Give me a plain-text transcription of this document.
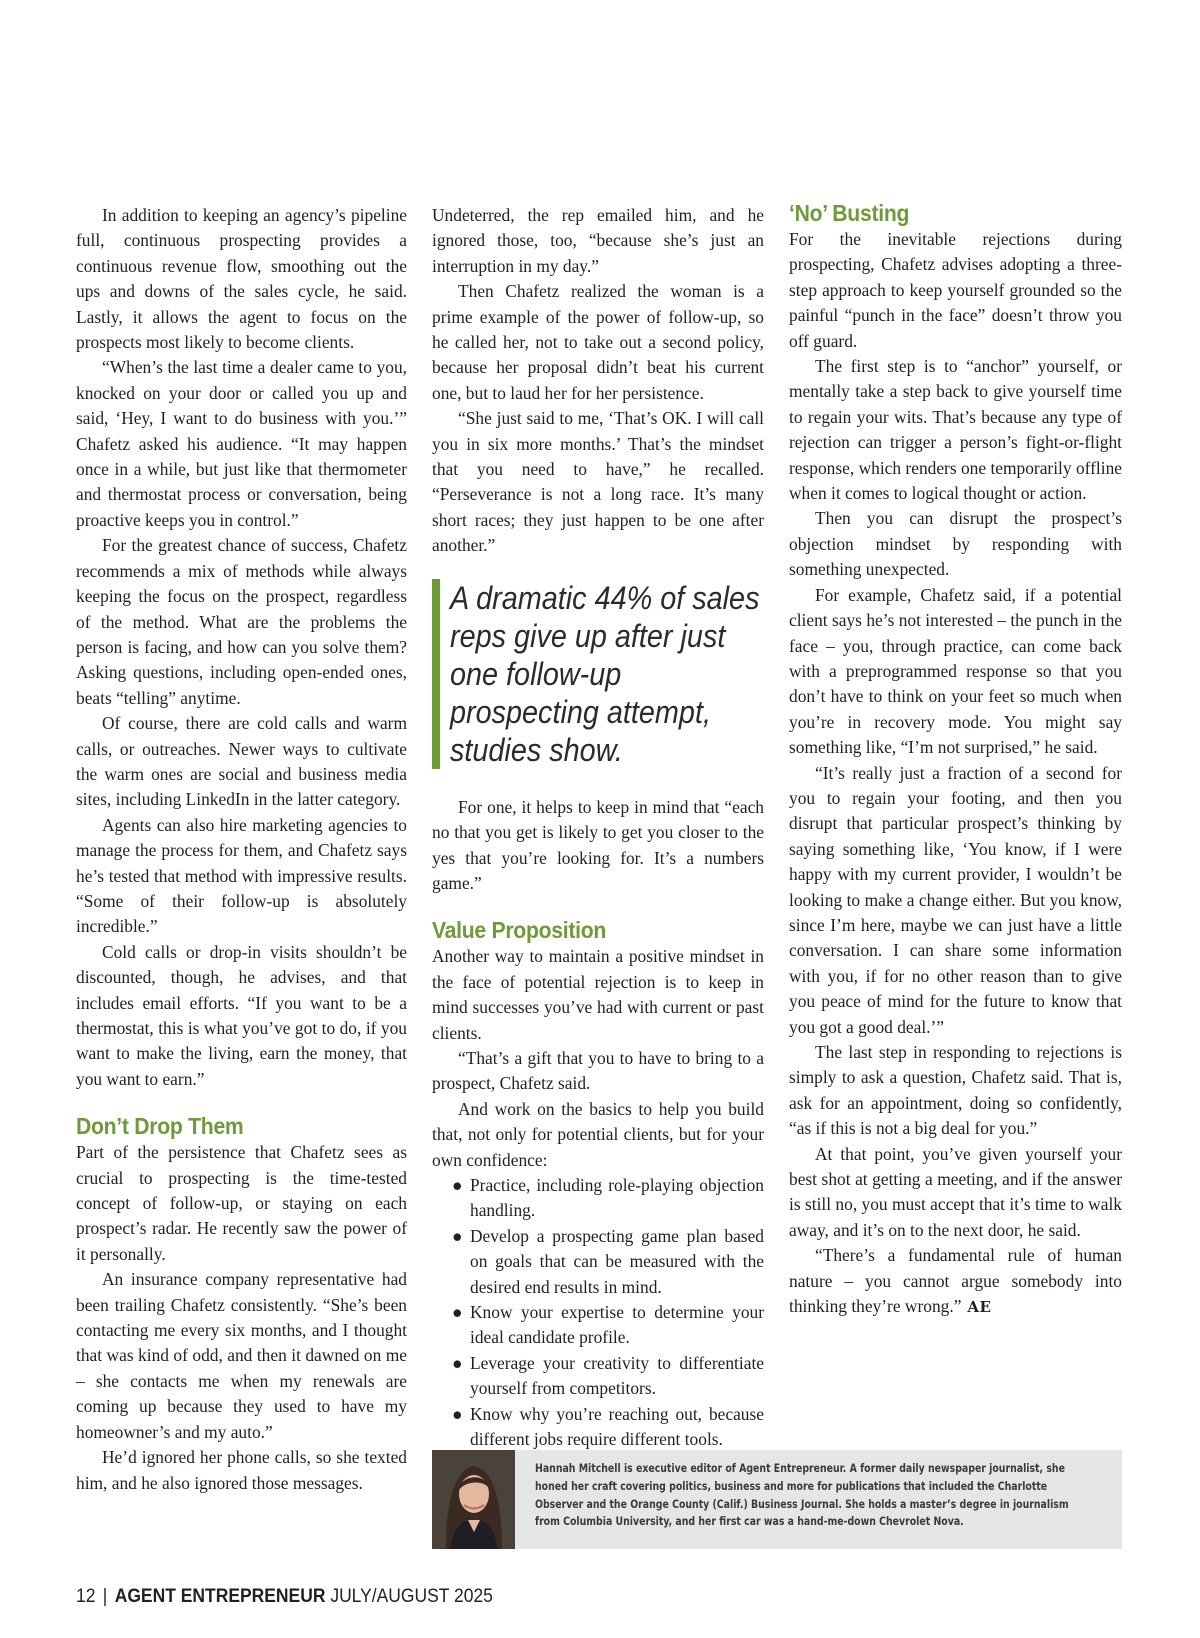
In addition to keeping an agency’s pipeline full, continuous prospecting provides a continuous revenue flow, smoothing out the ups and downs of the sales cycle, he said. Lastly, it allows the agent to focus on the prospects most likely to become clients.

“When’s the last time a dealer came to you, knocked on your door or called you up and said, ‘Hey, I want to do business with you.’” Chafetz asked his audience. “It may happen once in a while, but just like that thermometer and thermostat process or conversation, being proactive keeps you in control.”

For the greatest chance of success, Chafetz recommends a mix of methods while always keeping the focus on the prospect, regardless of the method. What are the problems the person is facing, and how can you solve them? Asking questions, including open-ended ones, beats “telling” anytime.

Of course, there are cold calls and warm calls, or outreaches. Newer ways to cultivate the warm ones are social and business media sites, including LinkedIn in the latter category.

Agents can also hire marketing agencies to manage the process for them, and Chafetz says he’s tested that method with impressive results. “Some of their follow-up is absolutely incredible.”

Cold calls or drop-in visits shouldn’t be discounted, though, he advises, and that includes email efforts. “If you want to be a thermostat, this is what you’ve got to do, if you want to make the living, earn the money, that you want to earn.”

Don’t Drop Them

Part of the persistence that Chafetz sees as crucial to prospecting is the time-tested concept of follow-up, or staying on each prospect’s radar. He recently saw the power of it personally.

An insurance company representative had been trailing Chafetz consistently. “She’s been contacting me every six months, and I thought that was kind of odd, and then it dawned on me – she contacts me when my renewals are coming up because they used to have my homeowner’s and my auto.”

He’d ignored her phone calls, so she texted him, and he also ignored those messages.

Undeterred, the rep emailed him, and he ignored those, too, “because she’s just an interruption in my day.”

Then Chafetz realized the woman is a prime example of the power of follow-up, so he called her, not to take out a second policy, because her proposal didn’t beat his current one, but to laud her for her persistence.

“She just said to me, ‘That’s OK. I will call you in six more months.’ That’s the mindset that you need to have,” he recalled. “Perseverance is not a long race. It’s many short races; they just happen to be one after another.”

A dramatic 44% of sales reps give up after just one follow-up prospecting attempt, studies show.

For one, it helps to keep in mind that “each no that you get is likely to get you closer to the yes that you’re looking for. It’s a numbers game.”

Value Proposition

Another way to maintain a positive mindset in the face of potential rejection is to keep in mind successes you’ve had with current or past clients.

“That’s a gift that you to have to bring to a prospect, Chafetz said.

And work on the basics to help you build that, not only for potential clients, but for your own confidence:

● Practice, including role-playing objection handling.
● Develop a prospecting game plan based on goals that can be measured with the desired end results in mind.
● Know your expertise to determine your ideal candidate profile.
● Leverage your creativity to differentiate yourself from competitors.
● Know why you’re reaching out, because different jobs require different tools.
‘No’ Busting

For the inevitable rejections during prospecting, Chafetz advises adopting a three-step approach to keep yourself grounded so the painful “punch in the face” doesn’t throw you off guard.

The first step is to “anchor” yourself, or mentally take a step back to give yourself time to regain your wits. That’s because any type of rejection can trigger a person’s fight-or-flight response, which renders one temporarily offline when it comes to logical thought or action.

Then you can disrupt the prospect’s objection mindset by responding with something unexpected.

For example, Chafetz said, if a potential client says he’s not interested – the punch in the face – you, through practice, can come back with a preprogrammed response so that you don’t have to think on your feet so much when you’re in recovery mode. You might say something like, “I’m not surprised,” he said.

“It’s really just a fraction of a second for you to regain your footing, and then you disrupt that particular prospect’s thinking by saying something like, ‘You know, if I were happy with my current provider, I wouldn’t be looking to make a change either. But you know, since I’m here, maybe we can just have a little conversation. I can share some information with you, if for no other reason than to give you peace of mind for the future to know that you got a good deal.’”

The last step in responding to rejections is simply to ask a question, Chafetz said. That is, ask for an appointment, doing so confidently, “as if this is not a big deal for you.”

At that point, you’ve given yourself your best shot at getting a meeting, and if the answer is still no, you must accept that it’s time to walk away, and it’s on to the next door, he said.

“There’s a fundamental rule of human nature – you cannot argue somebody into thinking they’re wrong.” AE

Hannah Mitchell is executive editor of Agent Entrepreneur. A former daily newspaper journalist, she honed her craft covering politics, business and more for publications that included the Charlotte Observer and the Orange County (Calif.) Business Journal. She holds a master’s degree in journalism from Columbia University, and her first car was a hand-me-down Chevrolet Nova.
12 | AGENT ENTREPRENEUR JULY/AUGUST 2025
